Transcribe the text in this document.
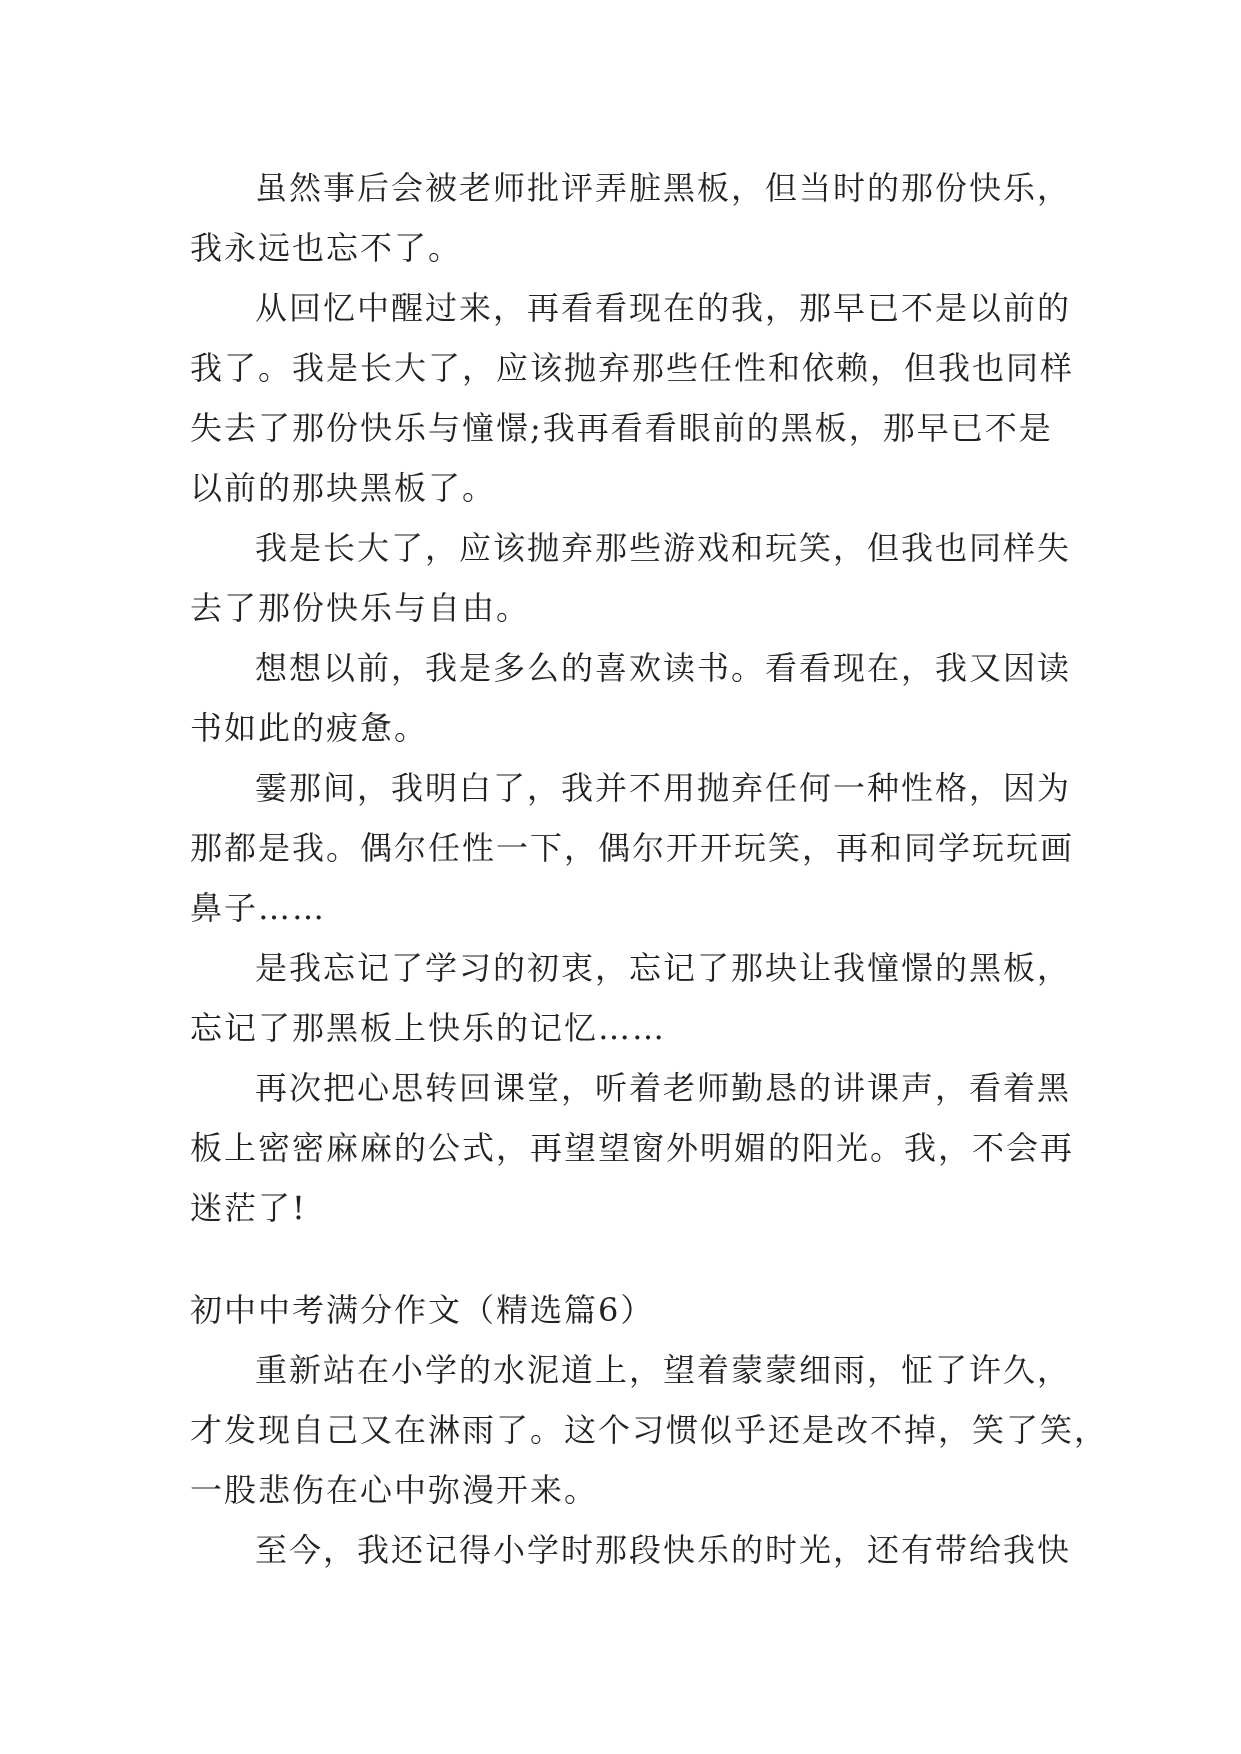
虽然事后会被老师批评弄脏黑板，但当时的那份快乐，
我永远也忘不了。
从回忆中醒过来，再看看现在的我，那早已不是以前的
我了。我是长大了，应该抛弃那些任性和依赖，但我也同样
失去了那份快乐与憧憬;我再看看眼前的黑板，那早已不是
以前的那块黑板了。
我是长大了，应该抛弃那些游戏和玩笑，但我也同样失
去了那份快乐与自由。
想想以前，我是多么的喜欢读书。看看现在，我又因读
书如此的疲惫。
霎那间，我明白了，我并不用抛弃任何一种性格，因为
那都是我。偶尔任性一下，偶尔开开玩笑，再和同学玩玩画
鼻子……
是我忘记了学习的初衷，忘记了那块让我憧憬的黑板，
忘记了那黑板上快乐的记忆……
再次把心思转回课堂，听着老师勤恳的讲课声，看着黑
板上密密麻麻的公式，再望望窗外明媚的阳光。我，不会再
迷茫了!
初中中考满分作文（精选篇6）
重新站在小学的水泥道上，望着蒙蒙细雨，怔了许久，
才发现自己又在淋雨了。这个习惯似乎还是改不掉，笑了笑，
一股悲伤在心中弥漫开来。
至今，我还记得小学时那段快乐的时光，还有带给我快
